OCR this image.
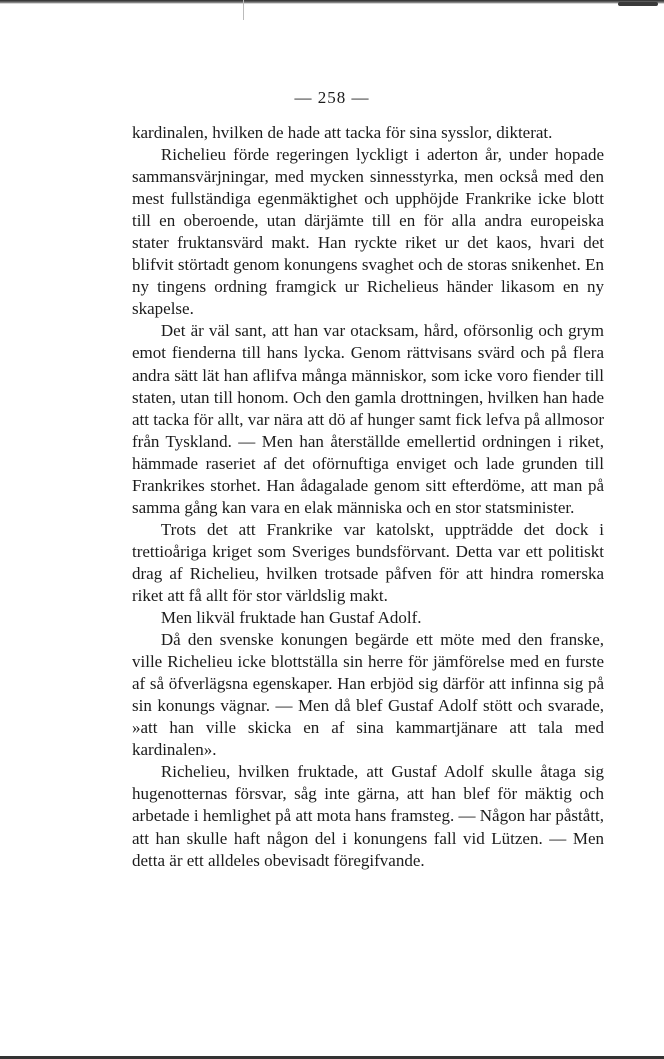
— 258 —

kardinalen, hvilken de hade att tacka för sina sysslor, dikterat.

Richelieu förde regeringen lyckligt i aderton år, under hopade sammansvärjningar, med mycken sinnesstyrka, men också med den mest fullständiga egenmäktighet och upphöjde Frankrike icke blott till en oberoende, utan därjämte till en för alla andra europeiska stater fruktansvärd makt. Han ryckte riket ur det kaos, hvari det blifvit störtadt genom konungens svaghet och de storas snikenhet. En ny tingens ordning framgick ur Richelieus händer likasom en ny skapelse.

Det är väl sant, att han var otacksam, hård, oförsonlig och grym emot fienderna till hans lycka. Genom rättvisans svärd och på flera andra sätt lät han aflifva många människor, som icke voro fiender till staten, utan till honom. Och den gamla drottningen, hvilken han hade att tacka för allt, var nära att dö af hunger samt fick lefva på allmosor från Tyskland. — Men han återställde emellertid ordningen i riket, hämmade raseriet af det oförnuftiga enviget och lade grunden till Frankrikes storhet. Han ådagalade genom sitt efterdöme, att man på samma gång kan vara en elak människa och en stor statsminister.

Trots det att Frankrike var katolskt, uppträdde det dock i trettioåriga kriget som Sveriges bundsförvant. Detta var ett politiskt drag af Richelieu, hvilken trotsade påfven för att hindra romerska riket att få allt för stor världslig makt.

Men likväl fruktade han Gustaf Adolf.

Då den svenske konungen begärde ett möte med den franske, ville Richelieu icke blottställa sin herre för jämförelse med en furste af så öfverlägsna egenskaper. Han erbjöd sig därför att infinna sig på sin konungs vägnar. — Men då blef Gustaf Adolf stött och svarade, »att han ville skicka en af sina kammartjänare att tala med kardinalen».

Richelieu, hvilken fruktade, att Gustaf Adolf skulle åtaga sig hugenotternas försvar, såg inte gärna, att han blef för mäktig och arbetade i hemlighet på att mota hans framsteg. — Någon har påstått, att han skulle haft någon del i konungens fall vid Lützen. — Men detta är ett alldeles obevisadt föregifvande.
